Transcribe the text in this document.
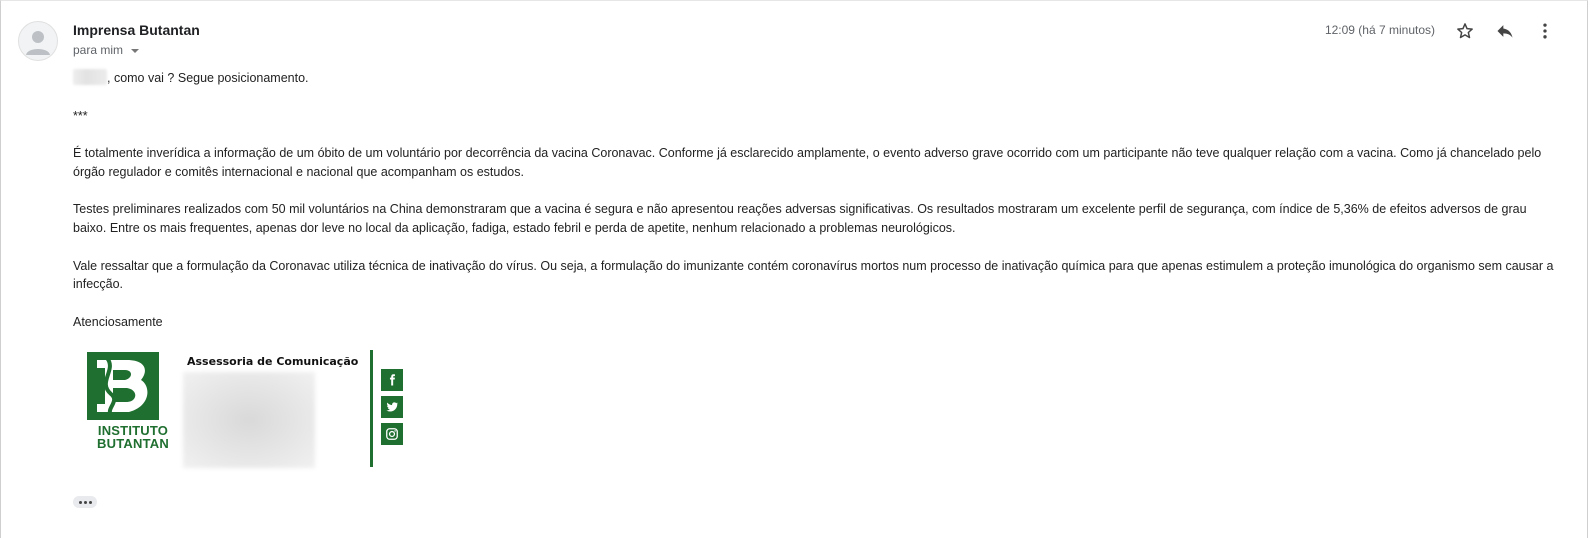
Imprensa Butantan
para mim
12:09 (há 7 minutos)

, como vai ? Segue posicionamento.

***

É totalmente inverídica a informação de um óbito de um voluntário por decorrência da vacina Coronavac. Conforme já esclarecido amplamente, o evento adverso grave ocorrido com um participante não teve qualquer relação com a vacina. Como já chancelado pelo órgão regulador e comitês internacional e nacional que acompanham os estudos.

Testes preliminares realizados com 50 mil voluntários na China demonstraram que a vacina é segura e não apresentou reações adversas significativas. Os resultados mostraram um excelente perfil de segurança, com índice de 5,36% de efeitos adversos de grau baixo. Entre os mais frequentes, apenas dor leve no local da aplicação, fadiga, estado febril e perda de apetite, nenhum relacionado a problemas neurológicos.

Vale ressaltar que a formulação da Coronavac utiliza técnica de inativação do vírus. Ou seja, a formulação do imunizante contém coronavírus mortos num processo de inativação química para que apenas estimulem a proteção imunológica do organismo sem causar a infecção.

Atenciosamente

INSTITUTO
BUTANTAN
Assessoria de Comunicação
